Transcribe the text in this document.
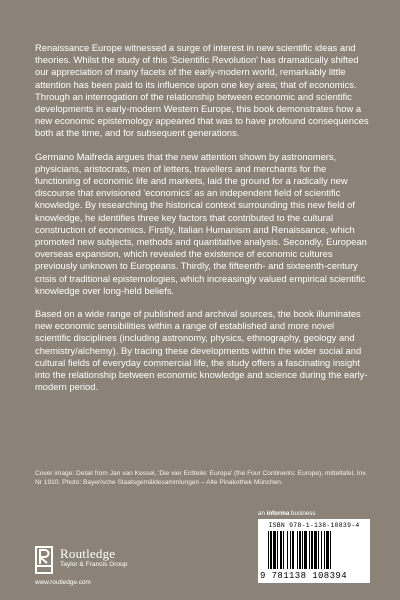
Renaissance Europe witnessed a surge of interest in new scientific ideas and theories. Whilst the study of this 'Scientific Revolution' has dramatically shifted our appreciation of many facets of the early-modern world, remarkably little attention has been paid to its influence upon one key area; that of economics. Through an interrogation of the relationship between economic and scientific developments in early-modern Western Europe, this book demonstrates how a new economic epistemology appeared that was to have profound consequences both at the time, and for subsequent generations.

Germano Maifreda argues that the new attention shown by astronomers, physicians, aristocrats, men of letters, travellers and merchants for the functioning of economic life and markets, laid the ground for a radically new discourse that envisioned 'economics' as an independent field of scientific knowledge. By researching the historical context surrounding this new field of knowledge, he identifies three key factors that contributed to the cultural construction of economics. Firstly, Italian Humanism and Renaissance, which promoted new subjects, methods and quantitative analysis. Secondly, European overseas expansion, which revealed the existence of economic cultures previously unknown to Europeans. Thirdly, the fifteenth- and sixteenth-century crisis of traditional epistemologies, which increasingly valued empirical scientific knowledge over long-held beliefs.

Based on a wide range of published and archival sources, the book illuminates new economic sensibilities within a range of established and more novel scientific disciplines (including astronomy, physics, ethnography, geology and chemistry/alchemy). By tracing these developments within the wider social and cultural fields of everyday commercial life, the study offers a fascinating insight into the relationship between economic knowledge and science during the early-modern period.

Cover image: Detail from Jan van Kessel, 'Die vier Erdteile: Europa' (the Four Continents: Europe), mitteltafel, Inv. Nr 1910. Photo: Bayerische Staatsgemäldesammlungen – Alte Pinakothek München.
an informa business
ISBN 978-1-138-10839-4
9 781138 108394
Routledge
Taylor & Francis Group
www.routledge.com
